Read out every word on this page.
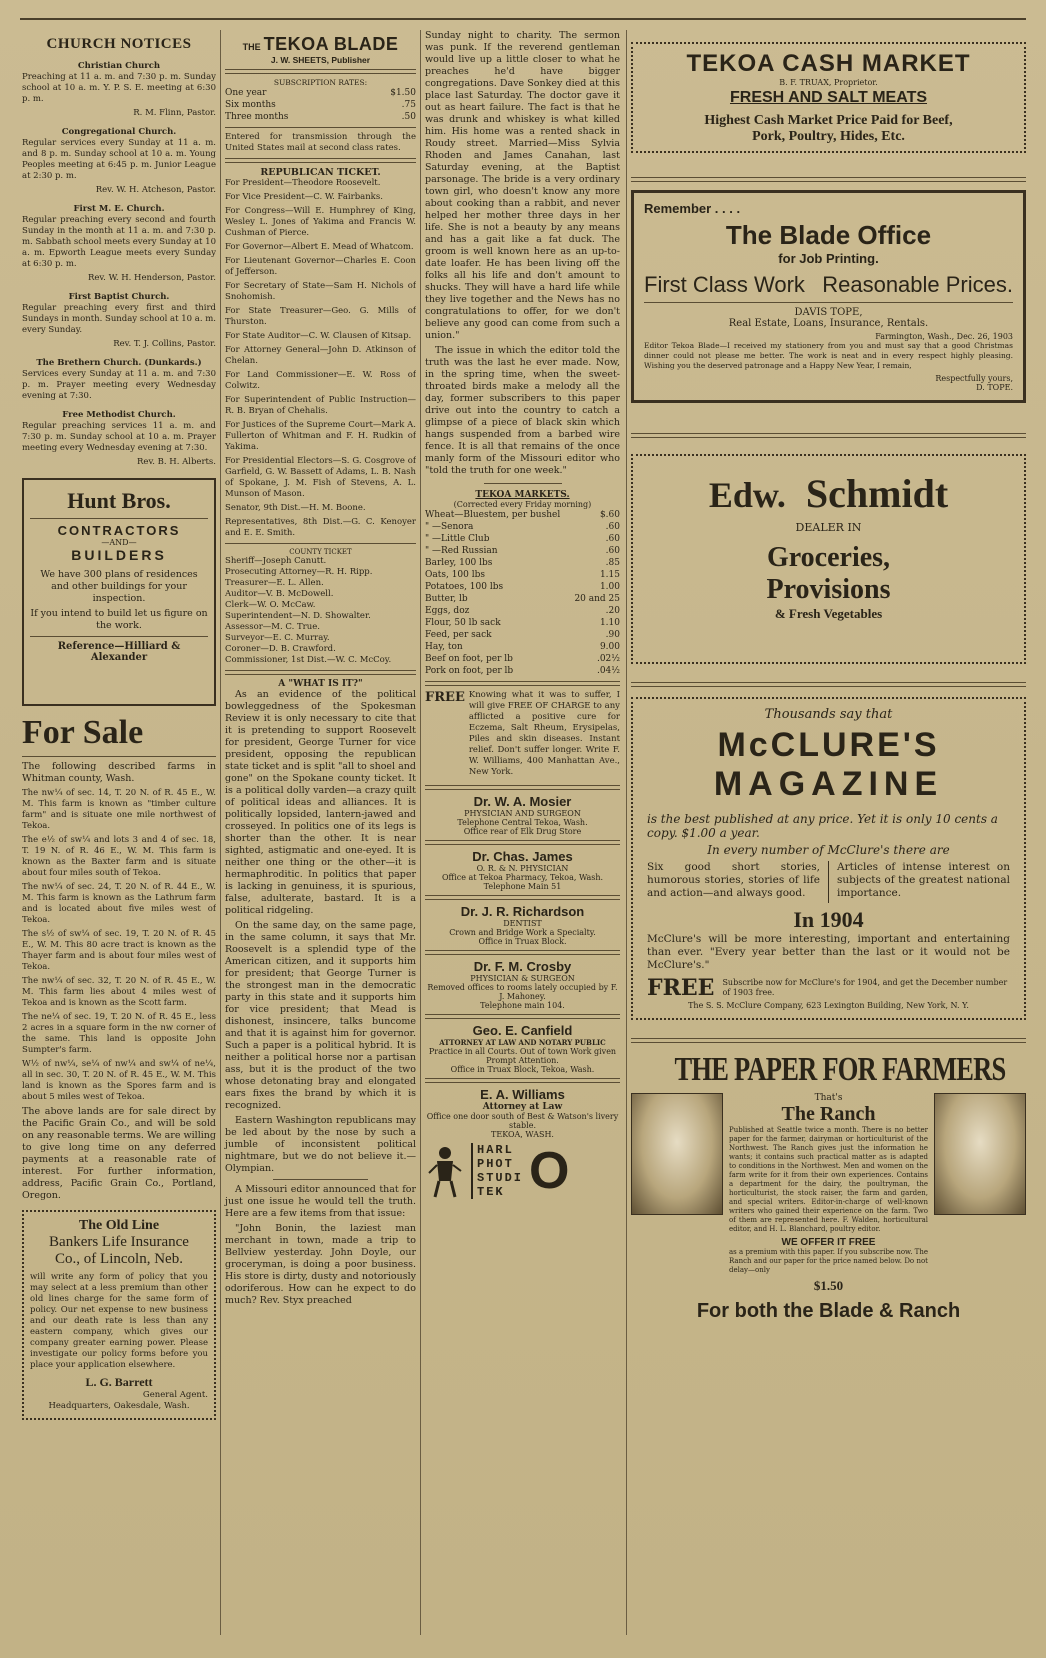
CHURCH NOTICES
Christian Church

Preaching at 11 a. m. and 7:30 p. m. Sunday school at 10 a. m. Y. P. S. E. meeting at 6:30 p. m.

R. M. Flinn, Pastor.
Congregational Church.

Regular services every Sunday at 11 a. m. and 8 p. m. Sunday school at 10 a. m. Young Peoples meeting at 6:45 p. m. Junior League at 2:30 p. m.

Rev. W. H. Atcheson, Pastor.
First M. E. Church.

Regular preaching every second and fourth Sunday in the month at 11 a. m. and 7:30 p. m. Sabbath school meets every Sunday at 10 a. m. Epworth League meets every Sunday at 6:30 p. m.

Rev. W. H. Henderson, Pastor.
First Baptist Church.

Regular preaching every first and third Sundays in month. Sunday school at 10 a. m. every Sunday.

Rev. T. J. Collins, Pastor.
The Brethern Church. (Dunkards.)

Services every Sunday at 11 a. m. and 7:30 p. m. Prayer meeting every Wednesday evening at 7:30.

Free Methodist Church.

Regular preaching services 11 a. m. and 7:30 p. m. Sunday school at 10 a. m. Prayer meeting every Wednesday evening at 7:30.

Rev. B. H. Alberts.
Hunt Bros.
CONTRACTORS
—AND—
BUILDERS

We have 300 plans of residences and other buildings for your inspection.

If you intend to build let us figure on the work.

Reference—Hilliard & Alexander
For Sale

The following described farms in Whitman county, Wash.

The nw¼ of sec. 14, T. 20 N. of R. 45 E., W. M. This farm is known as "timber culture farm" and is situate one mile northwest of Tekoa.

The e½ of sw¼ and lots 3 and 4 of sec. 18, T. 19 N. of R. 46 E., W. M. This farm is known as the Baxter farm and is situate about four miles south of Tekoa.

The nw¼ of sec. 24, T. 20 N. of R. 44 E., W. M. This farm is known as the Lathrum farm and is located about five miles west of Tekoa.

The s½ of sw¼ of sec. 19, T. 20 N. of R. 45 E., W. M. This 80 acre tract is known as the Thayer farm and is about four miles west of Tekoa.

The nw¼ of sec. 32, T. 20 N. of R. 45 E., W. M. This farm lies about 4 miles west of Tekoa and is known as the Scott farm.

The ne¼ of sec. 19, T. 20 N. of R. 45 E., less 2 acres in a square form in the nw corner of the same. This land is opposite John Sumpter's farm.

W½ of nw¼, se¼ of nw¼ and sw¼ of ne¼, all in sec. 30, T. 20 N. of R. 45 E., W. M. This land is known as the Spores farm and is about 5 miles west of Tekoa.

The above lands are for sale direct by the Pacific Grain Co., and will be sold on any reasonable terms. We are willing to give long time on any deferred payments at a reasonable rate of interest. For further information, address, Pacific Grain Co., Portland, Oregon.

The Old Line
Bankers Life Insurance
Co., of Lincoln, Neb.

will write any form of policy that you may select at a less premium than other old lines charge for the same form of policy. Our net expense to new business and our death rate is less than any eastern company, which gives our company greater earning power. Please investigate our policy forms before you place your application elsewhere.

L. G. Barrett
General Agent.
Headquarters, Oakesdale, Wash.
THE TEKOA BLADE
J. W. SHEETS, Publisher
SUBSCRIPTION RATES:
One year	$1.50
Six months	.75
Three months	.50

Entered for transmission through the United States mail at second class rates.

REPUBLICAN TICKET.

For President—Theodore Roosevelt.

For Vice President—C. W. Fairbanks.

For Congress—Will E. Humphrey of King, Wesley L. Jones of Yakima and Francis W. Cushman of Pierce.

For Governor—Albert E. Mead of Whatcom.

For Lieutenant Governor—Charles E. Coon of Jefferson.

For Secretary of State—Sam H. Nichols of Snohomish.

For State Treasurer—Geo. G. Mills of Thurston.

For State Auditor—C. W. Clausen of Kitsap.

For Attorney General—John D. Atkinson of Chelan.

For Land Commissioner—E. W. Ross of Colwitz.

For Superintendent of Public Instruction—R. B. Bryan of Chehalis.

For Justices of the Supreme Court—Mark A. Fullerton of Whitman and F. H. Rudkin of Yakima.

For Presidential Electors—S. G. Cosgrove of Garfield, G. W. Bassett of Adams, L. B. Nash of Spokane, J. M. Fish of Stevens, A. L. Munson of Mason.

Senator, 9th Dist.—H. M. Boone.

Representatives, 8th Dist.—G. C. Kenoyer and E. E. Smith.

COUNTY TICKET
Sheriff—Joseph Canutt.
Prosecuting Attorney—R. H. Ripp.
Treasurer—E. L. Allen.
Auditor—V. B. McDowell.
Clerk—W. O. McCaw.
Superintendent—N. D. Showalter.
Assessor—M. C. True.
Surveyor—E. C. Murray.
Coroner—D. B. Crawford.
Commissioner, 1st Dist.—W. C. McCoy.
A "WHAT IS IT?"

As an evidence of the political bowleggedness of the Spokesman Review it is only necessary to cite that it is pretending to support Roosevelt for president, George Turner for vice president, opposing the republican state ticket and is split "all to shoel and gone" on the Spokane county ticket. It is a political dolly varden—a crazy quilt of political ideas and alliances. It is politically lopsided, lantern-jawed and crosseyed. In politics one of its legs is shorter than the other. It is near sighted, astigmatic and one-eyed. It is neither one thing or the other—it is hermaphroditic. In politics that paper is lacking in genuiness, it is spurious, false, adulterate, bastard. It is a political ridgeling.

On the same day, on the same page, in the same column, it says that Mr. Roosevelt is a splendid type of the American citizen, and it supports him for president; that George Turner is the strongest man in the democratic party in this state and it supports him for vice president; that Mead is dishonest, insincere, talks buncome and that it is against him for governor. Such a paper is a political hybrid. It is neither a political horse nor a partisan ass, but it is the product of the two whose detonating bray and elongated ears fixes the brand by which it is recognized.

Eastern Washington republicans may be led about by the nose by such a jumble of inconsistent political nightmare, but we do not believe it.—Olympian.

A Missouri editor announced that for just one issue he would tell the truth. Here are a few items from that issue:

"John Bonin, the laziest man merchant in town, made a trip to Bellview yesterday. John Doyle, our groceryman, is doing a poor business. His store is dirty, dusty and notoriously odoriferous. How can he expect to do much? Rev. Styx preached

Sunday night to charity. The sermon was punk. If the reverend gentleman would live up a little closer to what he preaches he'd have bigger congregations. Dave Sonkey died at this place last Saturday. The doctor gave it out as heart failure. The fact is that he was drunk and whiskey is what killed him. His home was a rented shack in Roudy street. Married—Miss Sylvia Rhoden and James Canahan, last Saturday evening, at the Baptist parsonage. The bride is a very ordinary town girl, who doesn't know any more about cooking than a rabbit, and never helped her mother three days in her life. She is not a beauty by any means and has a gait like a fat duck. The groom is well known here as an up-to-date loafer. He has been living off the folks all his life and don't amount to shucks. They will have a hard life while they live together and the News has no congratulations to offer, for we don't believe any good can come from such a union."

The issue in which the editor told the truth was the last he ever made. Now, in the spring time, when the sweet-throated birds make a melody all the day, former subscribers to this paper drive out into the country to catch a glimpse of a piece of black skin which hangs suspended from a barbed wire fence. It is all that remains of the once manly form of the Missouri editor who "told the truth for one week."

TEKOA MARKETS.
(Corrected every Friday morning)
Wheat—Bluestem, per bushel	$.60
" —Senora	.60
" —Little Club	.60
" —Red Russian	.60
Barley, 100 lbs	.85
Oats, 100 lbs	1.15
Potatoes, 100 lbs	1.00
Butter, lb	20 and 25
Eggs, doz	.20
Flour, 50 lb sack	1.10
Feed, per sack	.90
Hay, ton	9.00
Beef on foot, per lb	.02½
Pork on foot, per lb	.04½
FREE Knowing what it was to suffer, I will give FREE OF CHARGE to any afflicted a positive cure for Eczema, Salt Rheum, Erysipelas, Piles and skin diseases. Instant relief. Don't suffer longer. Write F. W. Williams, 400 Manhattan Ave., New York.

Dr. W. A. Mosier
PHYSICIAN AND SURGEON
Telephone Central Tekoa, Wash.
Office rear of Elk Drug Store
Dr. Chas. James
O. R. & N. PHYSICIAN
Office at Tekoa Pharmacy, Tekoa, Wash.
Telephone Main 51
Dr. J. R. Richardson
DENTIST
Crown and Bridge Work a Specialty.
Office in Truax Block.
Dr. F. M. Crosby
PHYSICIAN & SURGEON
Removed offices to rooms lately occupied by F. J. Mahoney.
Telephone main 104.
Geo. E. Canfield
ATTORNEY AT LAW AND NOTARY PUBLIC
Practice in all Courts. Out of town Work given Prompt Attention.
Office in Truax Block, Tekoa, Wash.
E. A. Williams
Attorney at Law
Office one door south of Best & Watson's livery stable.
TEKOA, WASH.
HARL
PHOT
STUDI
TEK O
TEKOA CASH MARKET
B. F. TRUAX, Proprietor.
FRESH AND SALT MEATS
Highest Cash Market Price Paid for Beef,
Pork, Poultry, Hides, Etc.
Remember . . . .
The Blade Office
for Job Printing.
First Class Work Reasonable Prices.
DAVIS TOPE,
Real Estate, Loans, Insurance, Rentals.
Farmington, Wash., Dec. 26, 1903

Editor Tekoa Blade—I received my stationery from you and must say that a good Christmas dinner could not please me better. The work is neat and in every respect highly pleasing. Wishing you the deserved patronage and a Happy New Year, I remain,

Respectfully yours,
D. TOPE.
Edw. Schmidt
DEALER IN
Groceries,
Provisions
& Fresh Vegetables
Thousands say that
McCLURE'S
MAGAZINE

is the best published at any price. Yet it is only 10 cents a copy. $1.00 a year.

In every number of McClure's there are

Six good short stories, humorous stories, stories of life and action—and always good.

Articles of intense interest on subjects of the greatest national importance.

In 1904

McClure's will be more interesting, important and entertaining than ever. "Every year better than the last or it would not be McClure's."

FREE Subscribe now for McClure's for 1904, and get the December number of 1903 free.
The S. S. McClure Company, 623 Lexington Building, New York, N. Y.
THE PAPER FOR FARMERS
That's
The Ranch

Published at Seattle twice a month. There is no better paper for the farmer, dairyman or horticulturist of the Northwest. The Ranch gives just the information he wants; it contains such practical matter as is adapted to conditions in the Northwest. Men and women on the farm write for it from their own experiences. Contains a department for the dairy, the poultryman, the horticulturist, the stock raiser, the farm and garden, and special writers. Editor-in-charge of well-known writers who gained their experience on the farm. Two of them are represented here. F. Walden, horticultural editor, and H. L. Blanchard, poultry editor.

WE OFFER IT FREE

as a premium with this paper. If you subscribe now. The Ranch and our paper for the price named below. Do not delay—only

$1.50
For both the Blade & Ranch
